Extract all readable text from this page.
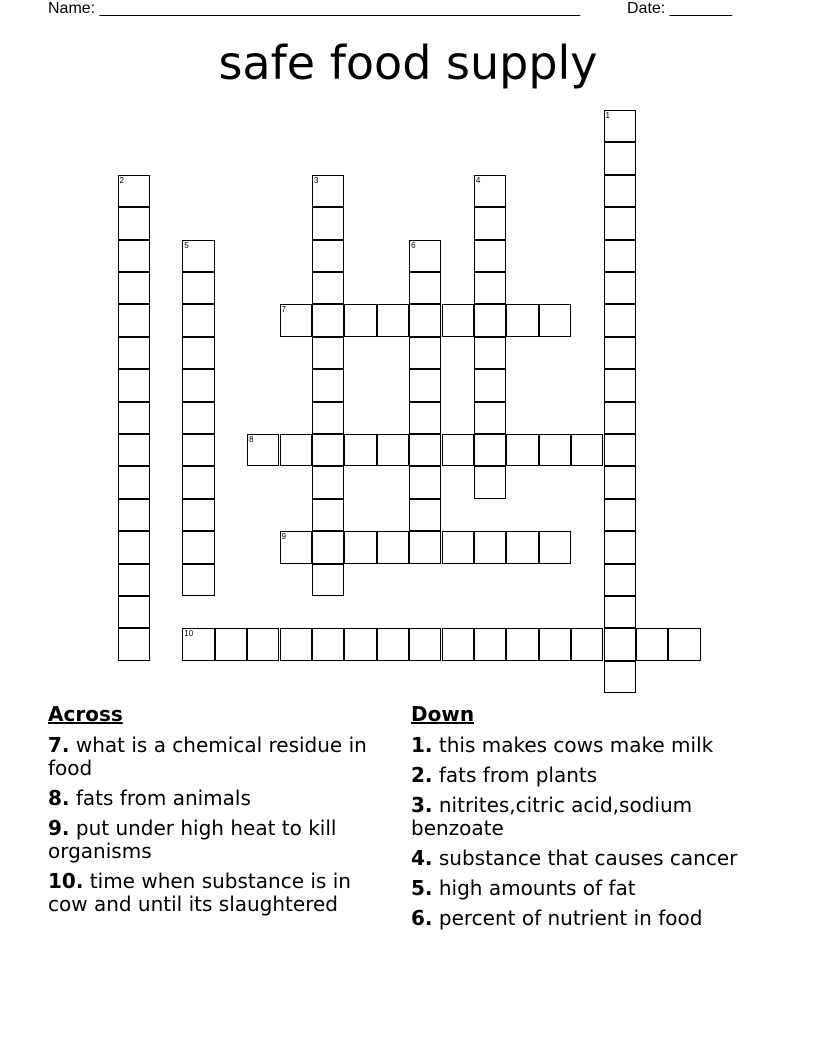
Name: ______________________________________________________	Date: _______
safe food supply
1
2	3	4
5	6
7
8
9
10
Across
7. what is a chemical residue in food
8. fats from animals
9. put under high heat to kill organisms
10. time when substance is in cow and until its slaughtered
Down
1. this makes cows make milk
2. fats from plants
3. nitrites,citric acid,sodium benzoate
4. substance that causes cancer
5. high amounts of fat
6. percent of nutrient in food
